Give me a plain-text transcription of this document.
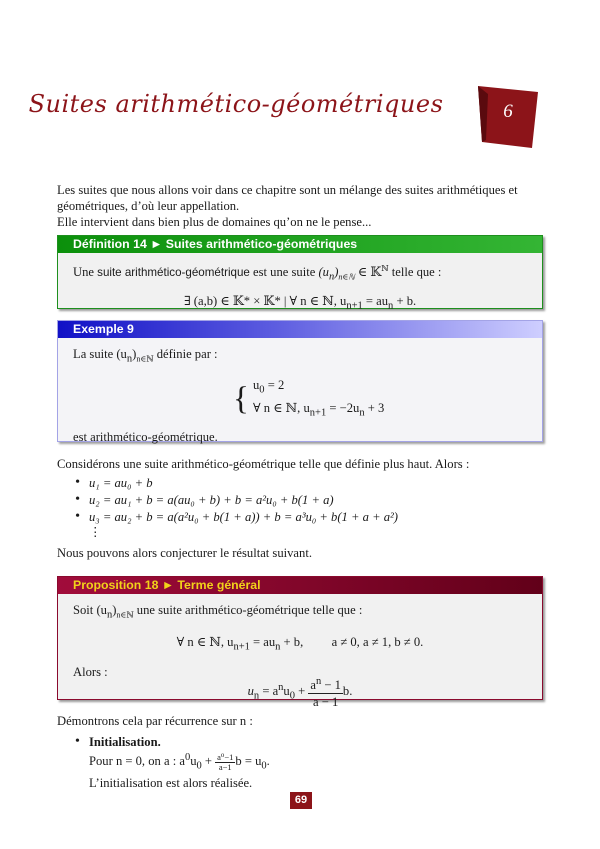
Suites arithmético-géométriques	6

Les suites que nous allons voir dans ce chapitre sont un mélange des suites arithmétiques et géométriques, d’où leur appellation.

Elle intervient dans bien plus de domaines qu’on ne le pense...

Définition 14 ► Suites arithmético-géométriques

Une suite arithmético-géométrique est une suite $(u_n)_{n\in ℕ}$ ∈ 𝕂$^ℕ$ telle que :

∃ (a,b) ∈ 𝕂* × 𝕂* | ∀ n ∈ ℕ, $u_{n+1} = au_n + b$.

Exemple 9

La suite $(u_n)_{n\in ℕ}$ définie par :

{ $u_0 = 2$
∀ n ∈ ℕ, $u_{n+1} = -2u_n + 3$

est arithmético-géométrique.

Considérons une suite arithmético-géométrique telle que définie plus haut. Alors :

• u₁ = au₀ + b
• u₂ = au₁ + b = a(au₀ + b) + b = a²u₀ + b(1 + a)
• u₃ = au₂ + b = a(a²u₀ + b(1 + a)) + b = a³u₀ + b(1 + a + a²)
⋮

Nous pouvons alors conjecturer le résultat suivant.

Proposition 18 ► Terme général

Soit $(u_n)_{n\in ℕ}$ une suite arithmético-géométrique telle que :

∀ n ∈ ℕ, $u_{n+1} = au_n + b$, a ≠ 0, a ≠ 1, b ≠ 0.

Alors :

$u_n = a^nu_0 + \frac{a^n - 1}{a - 1} b$.

Démontrons cela par récurrence sur n :

• Initialisation.
Pour n = 0, on a : $a^0u_0 + \frac{\text{a⁰−1}}{a-1}$ $b = u_0$.
L’initialisation est alors réalisée.
69
